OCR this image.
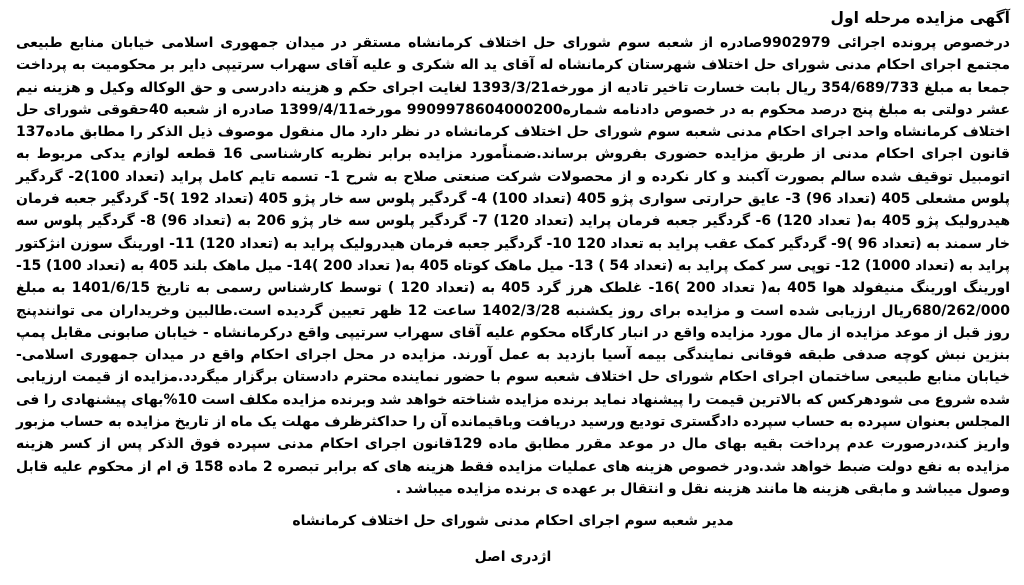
آگهی مزایده مرحله اول

درخصوص پرونده اجرائی 9902979صادره از شعبه سوم شورای حل اختلاف کرمانشاه مستقر در میدان جمهوری اسلامی خیابان منابع طبیعی مجتمع اجرای احکام مدنی شورای حل اختلاف شهرستان کرمانشاه له آقای ید اله شکری و علیه آقای سهراب سرتیپی دایر بر محکومیت به پرداخت جمعا به مبلغ 354/689/733 ریال بابت خسارت تاخیر تادیه از مورخه1393/3/21 لغایت اجرای حکم و هزینه دادرسی و حق الوکاله وکیل و هزینه نیم عشر دولتی به مبلغ پنج درصد محکوم به در خصوص دادنامه شماره9909978604000200 مورخه1399/4/11 صادره از شعبه 40حقوقی شورای حل اختلاف کرمانشاه واحد اجرای احکام مدنی شعبه سوم شورای حل اختلاف کرمانشاه در نظر دارد مال منقول موصوف ذیل الذکر را مطابق ماده137 قانون اجرای احکام مدنی از طریق مزایده حضوری بفروش برساند.ضمناًمورد مزایده برابر نظریه کارشناسی 16 قطعه لوازم یدکی مربوط به اتومبیل توقیف شده سالم بصورت آکبند و کار نکرده و از محصولات شرکت صنعتی صلاح به شرح 1- تسمه تایم کامل پراید (تعداد 100)2- گردگیر پلوس مشعلی 405 (تعداد 96) 3- عایق حرارتی سواری پژو 405 (تعداد 100) 4- گردگیر پلوس سه خار پژو 405 (تعداد 192 )5- گردگیر جعبه فرمان هیدرولیک پژو 405 به( تعداد 120) 6- گردگیر جعبه فرمان پراید (تعداد 120) 7- گردگیر پلوس سه خار پژو 206 به (تعداد 96) 8- گردگیر پلوس سه خار سمند به (تعداد 96 )9- گردگیر کمک عقب پراید به تعداد 120 10- گردگیر جعبه فرمان هیدرولیک پراید به (تعداد 120) 11- اورینگ سوزن انژکتور پراید به (تعداد 1000) 12- توپی سر کمک پراید به (تعداد 54 ) 13- میل ماهک کوتاه 405 به( تعداد 200 )14- میل ماهک بلند 405 به (تعداد 100) 15- اورینگ اورینگ منیفولد هوا 405 به( تعداد 200 )16- غلطک هرز گرد 405 به (تعداد 120 ) توسط کارشناس رسمی به تاریخ 1401/6/15 به مبلغ 680/262/000ریال ارزیابی شده است و مزایده برای روز یکشنبه 1402/3/28 ساعت 12 ظهر تعیین گردیده است.طالبین وخریداران می توانندپنج روز قبل از موعد مزایده از مال مورد مزایده واقع در انبار کارگاه محکوم علیه آقای سهراب سرتیپی واقع درکرمانشاه - خیابان صابونی مقابل پمپ بنزین نبش کوچه صدفی طبقه فوقانی نمایندگی بیمه آسیا بازدید به عمل آورند. مزایده در محل اجرای احکام واقع در میدان جمهوری اسلامی- خیابان منابع طبیعی ساختمان اجرای احکام شورای حل اختلاف شعبه سوم با حضور نماینده محترم دادستان برگزار میگردد.مزایده از قیمت ارزیابی شده شروع می شودهرکس که بالاترین قیمت را پیشنهاد نماید برنده مزایده شناخته خواهد شد وبرنده مزایده مکلف است 10%بهای پیشنهادی را فی المجلس بعنوان سپرده به حساب سپرده دادگستری تودیع ورسید دریافت وباقیمانده آن را حداکثرظرف مهلت یک ماه از تاریخ مزایده به حساب مزبور واریز کند،درصورت عدم پرداخت بقیه بهای مال در موعد مقرر مطابق ماده 129قانون اجرای احکام مدنی سپرده فوق الذکر پس از کسر هزینه مزایده به نفع دولت ضبط خواهد شد.ودر خصوص هزینه های عملیات مزایده فقط هزینه های که برابر تبصره 2 ماده 158 ق ام از محکوم علیه قابل وصول میباشد و مابقی هزینه ها مانند هزینه نقل و انتقال بر عهده ی برنده مزایده میباشد .

مدیر شعبه سوم اجرای احکام مدنی شورای حل اختلاف کرمانشاه
اژدری اصل
